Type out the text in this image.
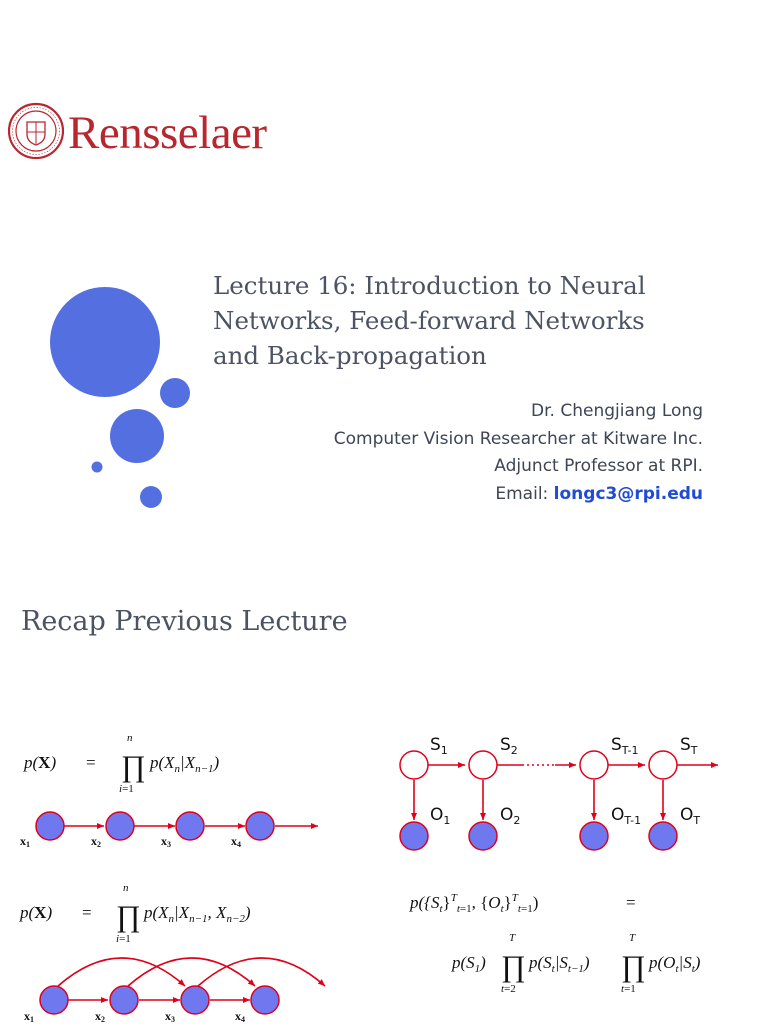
Rensselaer
Lecture 16: Introduction to Neural
Networks, Feed-forward Networks
and Back-propagation
Dr. Chengjiang Long
Computer Vision Researcher at Kitware Inc.
Adjunct Professor at RPI.
Email: longc3@rpi.edu
Recap Previous Lecture
p(X) = ∏
n
i=1
$p(X_n|X_{n-1})$
x1	x2	x3	x4
p(X) = ∏
n
i=1
$p(X_n|X_{n-1}$, $X_{n-2}$)
x1	x2	x3	x4
$S_1$	$S_2$	$S_{T-1}$ $S_T$
$O_1$	$O_2$	$O_{T-1}$ $O_T$
$p(\{S_t\}^T_t=1$, $\{O_t\}^T_t=1$)	=
$p(S_1)$ ∏
T
t=2
$p(S_t|S_{t-1})$ ∏
T
t=1
$p(O_t|S_t)$
